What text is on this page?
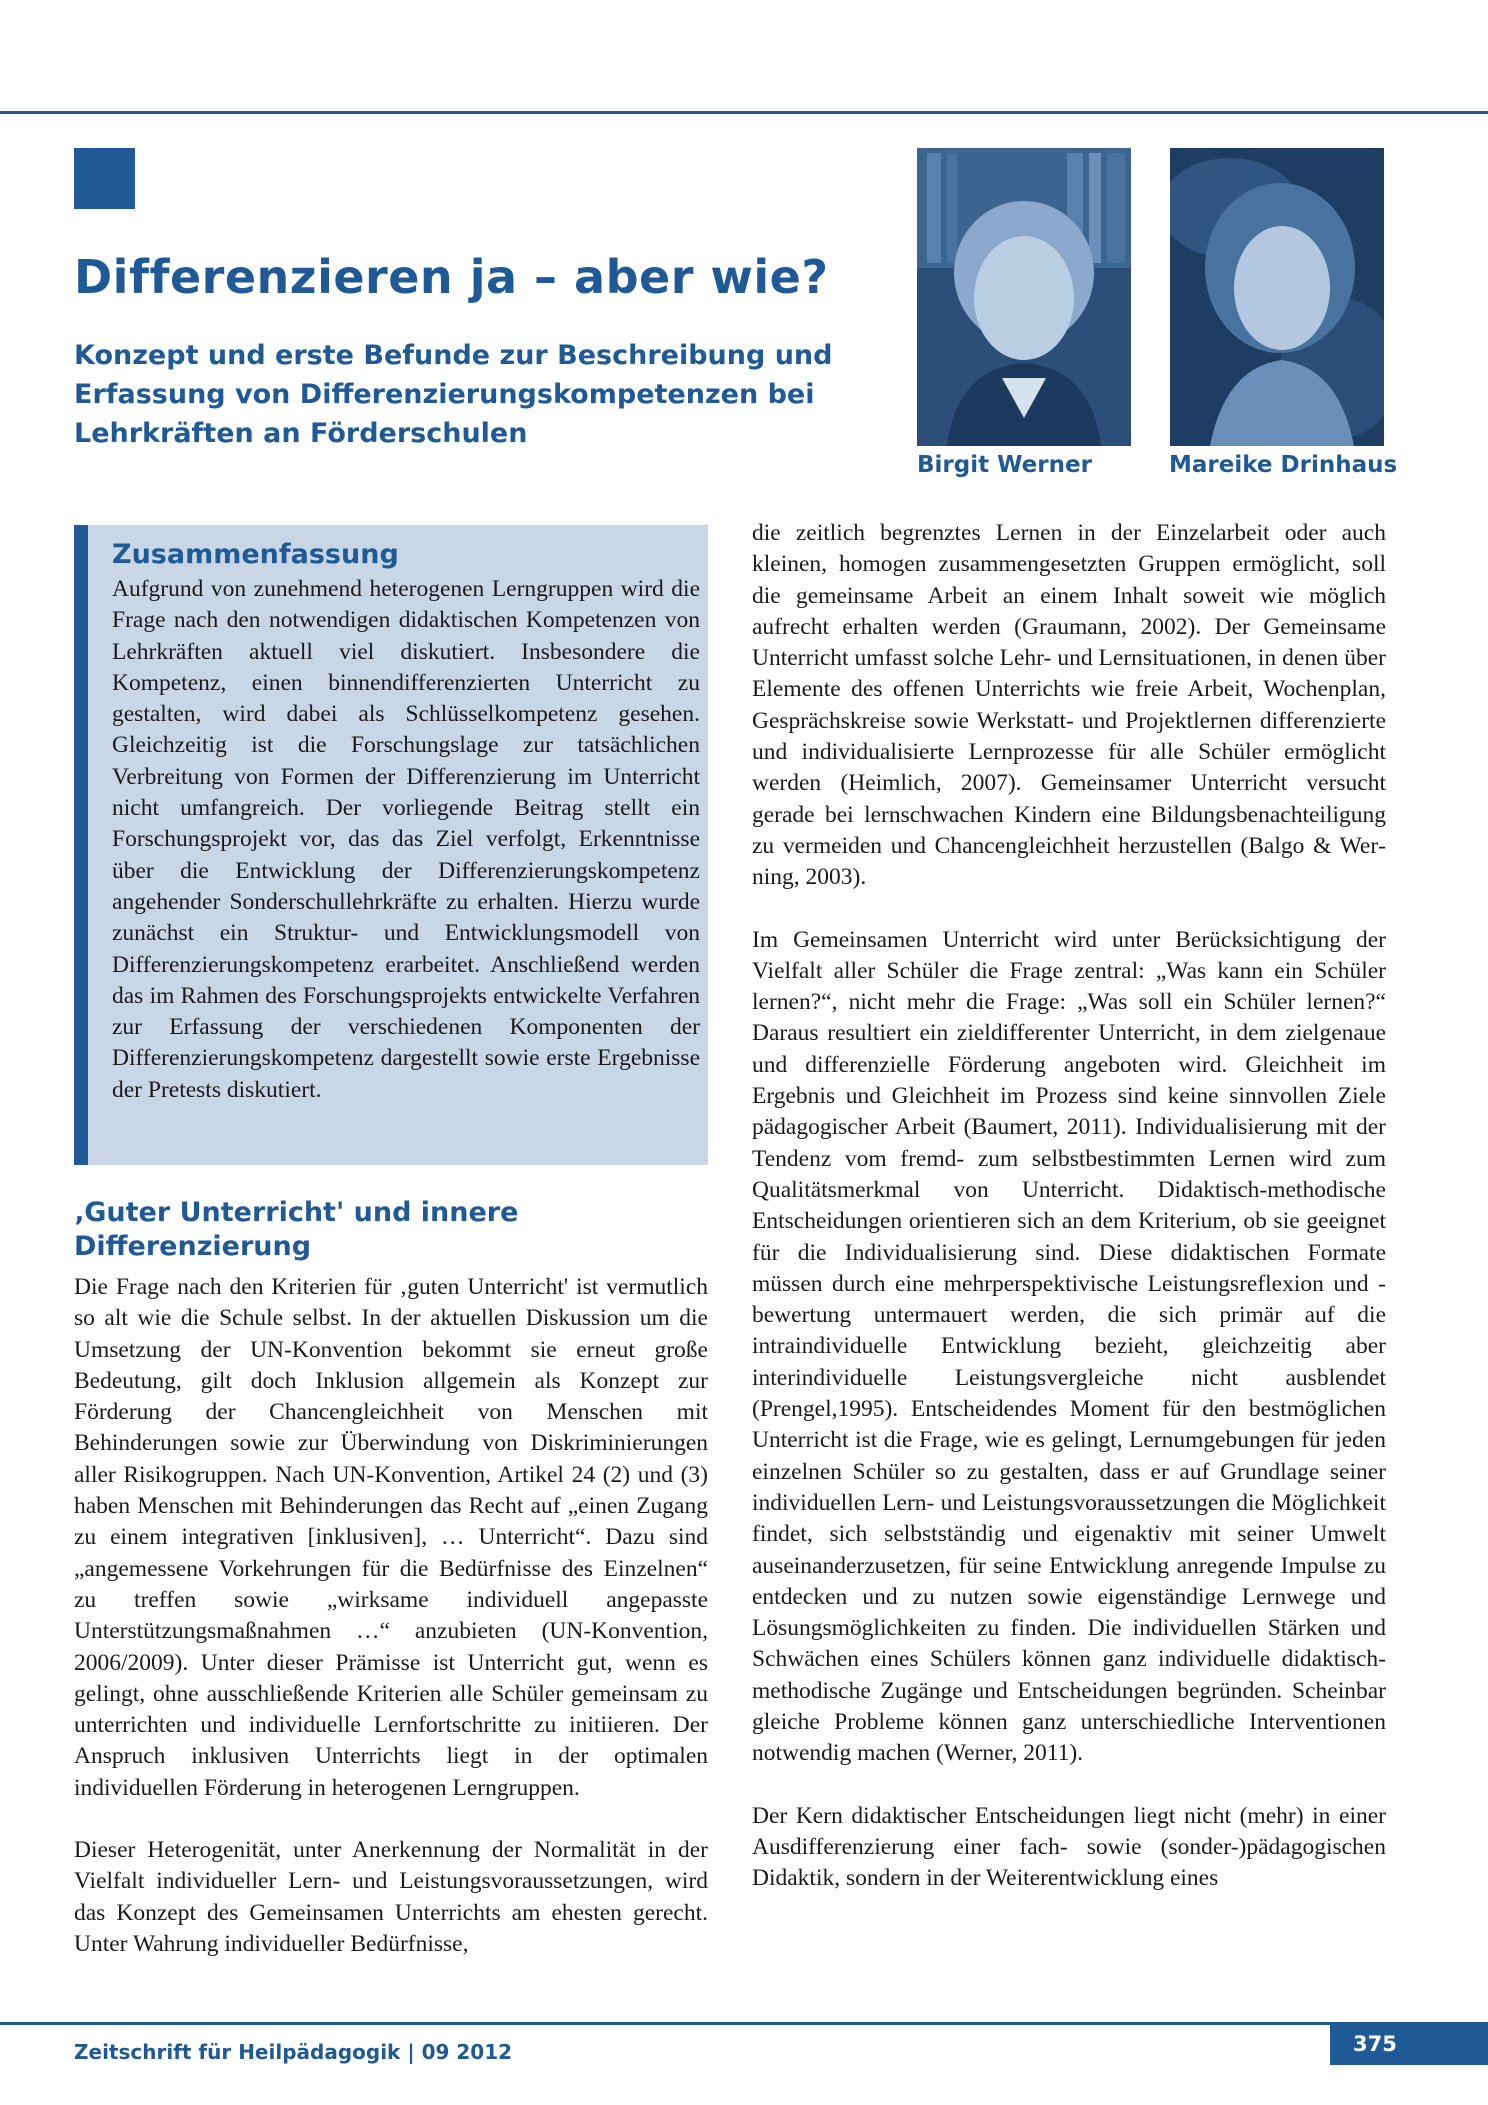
Differenzieren ja – aber wie?
Konzept und erste Befunde zur Beschreibung und Erfassung von Differenzierungskompetenzen bei Lehrkräften an Förderschulen

Birgit Werner	Mareike Drinhaus

Zusammenfassung

Aufgrund von zunehmend heterogenen Lerngruppen wird die Frage nach den notwendigen didaktischen Kompetenzen von Lehrkräften aktuell viel diskutiert. Insbesondere die Kompetenz, einen binnendifferenzierten Unterricht zu gestalten, wird dabei als Schlüsselkompetenz gesehen. Gleichzeitig ist die Forschungslage zur tatsächlichen Verbreitung von Formen der Differenzierung im Unterricht nicht umfangreich. Der vorliegende Beitrag stellt ein Forschungsprojekt vor, das das Ziel verfolgt, Erkenntnisse über die Entwicklung der Differenzierungskompetenz angehender Sonderschullehrkräfte zu erhalten. Hierzu wurde zunächst ein Struktur- und Entwicklungsmodell von Differenzierungskompetenz erarbeitet. Anschließend werden das im Rahmen des Forschungsprojekts entwickelte Verfahren zur Erfassung der verschiedenen Komponenten der Differenzierungskompetenz dargestellt sowie erste Ergebnisse der Pretests diskutiert.

‚Guter Unterricht' und innere Differenzierung

Die Frage nach den Kriterien für ‚guten Unterricht' ist vermutlich so alt wie die Schule selbst. In der aktuellen Diskussion um die Umsetzung der UN-Konvention bekommt sie erneut große Bedeutung, gilt doch Inklusion allgemein als Konzept zur Förderung der Chancengleichheit von Menschen mit Behinderungen sowie zur Überwindung von Diskriminierungen aller Risikogruppen. Nach UN-Konvention, Artikel 24 (2) und (3) haben Menschen mit Behinderungen das Recht auf „einen Zugang zu einem integrativen [inklusiven], … Unterricht“. Dazu sind „angemessene Vorkehrungen für die Bedürfnisse des Einzelnen“ zu treffen sowie „wirksame individuell angepasste Unterstützungsmaßnahmen …“ anzubieten (UN-Konvention, 2006/2009). Unter dieser Prämisse ist Unterricht gut, wenn es gelingt, ohne ausschließende Kriterien alle Schüler gemeinsam zu unterrichten und individuelle Lernfortschritte zu initiieren. Der Anspruch inklusiven Unterrichts liegt in der optimalen individuellen Förderung in heterogenen Lerngruppen.

Dieser Heterogenität, unter Anerkennung der Normalität in der Vielfalt individueller Lern- und Leistungsvoraussetzungen, wird das Konzept des Gemeinsamen Unterrichts am ehesten gerecht. Unter Wahrung individueller Bedürfnisse,

die zeitlich begrenztes Lernen in der Einzelarbeit oder auch kleinen, homogen zusammengesetzten Gruppen ermöglicht, soll die gemeinsame Arbeit an einem Inhalt soweit wie möglich aufrecht erhalten werden (Graumann, 2002). Der Gemeinsame Unterricht umfasst solche Lehr- und Lernsituationen, in denen über Elemente des offenen Unterrichts wie freie Arbeit, Wochenplan, Gesprächskreise sowie Werkstatt- und Projektlernen differenzierte und individualisierte Lernprozesse für alle Schüler ermöglicht werden (Heimlich, 2007). Gemeinsamer Unterricht versucht gerade bei lernschwachen Kindern eine Bildungsbenachteiligung zu vermeiden und Chancengleichheit herzustellen (Balgo & Werning, 2003).

Im Gemeinsamen Unterricht wird unter Berücksichtigung der Vielfalt aller Schüler die Frage zentral: „Was kann ein Schüler lernen?“, nicht mehr die Frage: „Was soll ein Schüler lernen?“ Daraus resultiert ein zieldifferenter Unterricht, in dem zielgenaue und differenzielle Förderung angeboten wird. Gleichheit im Ergebnis und Gleichheit im Prozess sind keine sinnvollen Ziele pädagogischer Arbeit (Baumert, 2011). Individualisierung mit der Tendenz vom fremd- zum selbstbestimmten Lernen wird zum Qualitätsmerkmal von Unterricht. Didaktisch-methodische Entscheidungen orientieren sich an dem Kriterium, ob sie geeignet für die Individualisierung sind. Diese didaktischen Formate müssen durch eine mehrperspektivische Leistungsreflexion und -bewertung untermauert werden, die sich primär auf die intraindividuelle Entwicklung bezieht, gleichzeitig aber interindividuelle Leistungsvergleiche nicht ausblendet (Prengel,1995). Entscheidendes Moment für den bestmöglichen Unterricht ist die Frage, wie es gelingt, Lernumgebungen für jeden einzelnen Schüler so zu gestalten, dass er auf Grundlage seiner individuellen Lern- und Leistungsvoraussetzungen die Möglichkeit findet, sich selbstständig und eigenaktiv mit seiner Umwelt auseinanderzusetzen, für seine Entwicklung anregende Impulse zu entdecken und zu nutzen sowie eigenständige Lernwege und Lösungsmöglichkeiten zu finden. Die individuellen Stärken und Schwächen eines Schülers können ganz individuelle didaktisch-methodische Zugänge und Entscheidungen begründen. Scheinbar gleiche Probleme können ganz unterschiedliche Interventionen notwendig machen (Werner, 2011).

Der Kern didaktischer Entscheidungen liegt nicht (mehr) in einer Ausdifferenzierung einer fach- sowie (sonder-)pädagogischen Didaktik, sondern in der Weiterentwicklung eines

Zeitschrift für Heilpädagogik | 09 2012	375
